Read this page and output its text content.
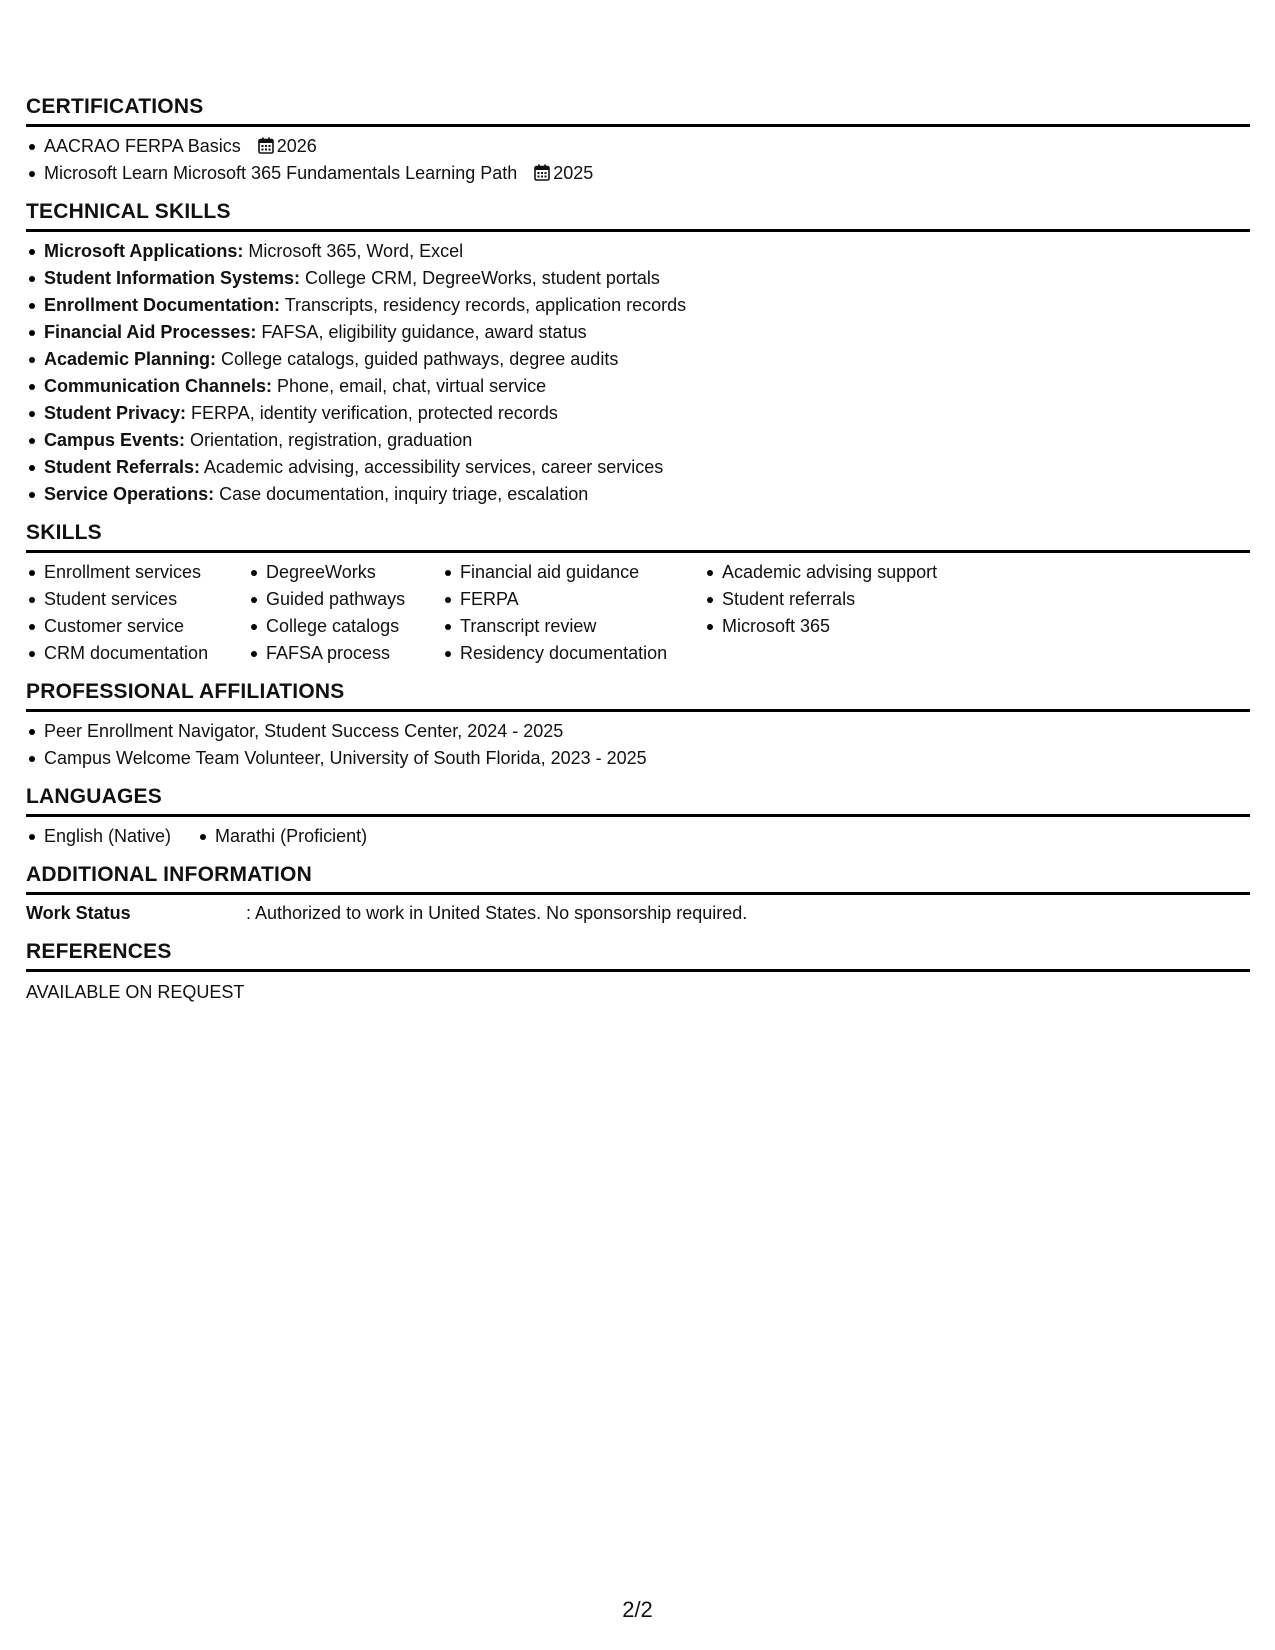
CERTIFICATIONS
AACRAO FERPA Basics 2026
Microsoft Learn Microsoft 365 Fundamentals Learning Path 2025
TECHNICAL SKILLS
Microsoft Applications: Microsoft 365, Word, Excel
Student Information Systems: College CRM, DegreeWorks, student portals
Enrollment Documentation: Transcripts, residency records, application records
Financial Aid Processes: FAFSA, eligibility guidance, award status
Academic Planning: College catalogs, guided pathways, degree audits
Communication Channels: Phone, email, chat, virtual service
Student Privacy: FERPA, identity verification, protected records
Campus Events: Orientation, registration, graduation
Student Referrals: Academic advising, accessibility services, career services
Service Operations: Case documentation, inquiry triage, escalation
SKILLS
Enrollment services
Student services
Customer service
CRM documentation
DegreeWorks
Guided pathways
College catalogs
FAFSA process
Financial aid guidance
FERPA
Transcript review
Residency documentation
Academic advising support
Student referrals
Microsoft 365
PROFESSIONAL AFFILIATIONS
Peer Enrollment Navigator, Student Success Center, 2024 - 2025
Campus Welcome Team Volunteer, University of South Florida, 2023 - 2025
LANGUAGES
English (Native) Marathi (Proficient)
ADDITIONAL INFORMATION
Work Status	: Authorized to work in United States. No sponsorship required.
REFERENCES
AVAILABLE ON REQUEST
2/2
